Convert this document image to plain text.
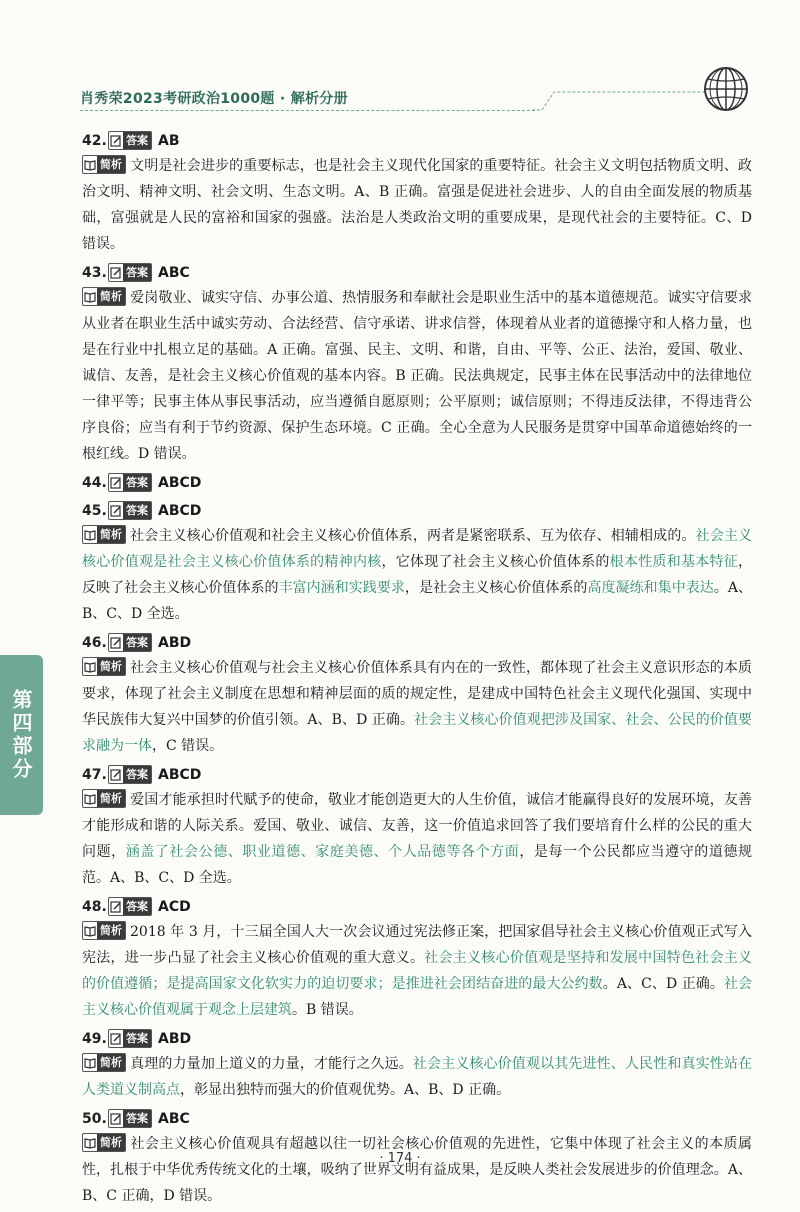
肖秀荣2023考研政治1000题 · 解析分册
第四部分
42. 答案 AB
简析 文明是社会进步的重要标志，也是社会主义现代化国家的重要特征。社会主义文明包括物质文明、政治文明、精神文明、社会文明、生态文明。A、B 正确。富强是促进社会进步、人的自由全面发展的物质基础，富强就是人民的富裕和国家的强盛。法治是人类政治文明的重要成果，是现代社会的主要特征。C、D 错误。
43. 答案 ABC
简析 爱岗敬业、诚实守信、办事公道、热情服务和奉献社会是职业生活中的基本道德规范。诚实守信要求从业者在职业生活中诚实劳动、合法经营、信守承诺、讲求信誉，体现着从业者的道德操守和人格力量，也是在行业中扎根立足的基础。A 正确。富强、民主、文明、和谐，自由、平等、公正、法治，爱国、敬业、诚信、友善，是社会主义核心价值观的基本内容。B 正确。民法典规定，民事主体在民事活动中的法律地位一律平等；民事主体从事民事活动，应当遵循自愿原则；公平原则；诚信原则；不得违反法律，不得违背公序良俗；应当有利于节约资源、保护生态环境。C 正确。全心全意为人民服务是贯穿中国革命道德始终的一根红线。D 错误。
44. 答案 ABCD
45. 答案 ABCD
简析 社会主义核心价值观和社会主义核心价值体系，两者是紧密联系、互为依存、相辅相成的。社会主义核心价值观是社会主义核心价值体系的精神内核，它体现了社会主义核心价值体系的根本性质和基本特征，反映了社会主义核心价值体系的丰富内涵和实践要求，是社会主义核心价值体系的高度凝练和集中表达。A、B、C、D 全选。
46. 答案 ABD
简析 社会主义核心价值观与社会主义核心价值体系具有内在的一致性，都体现了社会主义意识形态的本质要求，体现了社会主义制度在思想和精神层面的质的规定性，是建成中国特色社会主义现代化强国、实现中华民族伟大复兴中国梦的价值引领。A、B、D 正确。社会主义核心价值观把涉及国家、社会、公民的价值要求融为一体，C 错误。
47. 答案 ABCD
简析 爱国才能承担时代赋予的使命，敬业才能创造更大的人生价值，诚信才能赢得良好的发展环境，友善才能形成和谐的人际关系。爱国、敬业、诚信、友善，这一价值追求回答了我们要培育什么样的公民的重大问题，涵盖了社会公德、职业道德、家庭美德、个人品德等各个方面，是每一个公民都应当遵守的道德规范。A、B、C、D 全选。
48. 答案 ACD
简析 2018 年 3 月，十三届全国人大一次会议通过宪法修正案，把国家倡导社会主义核心价值观正式写入宪法，进一步凸显了社会主义核心价值观的重大意义。社会主义核心价值观是坚持和发展中国特色社会主义的价值遵循；是提高国家文化软实力的迫切要求；是推进社会团结奋进的最大公约数。A、C、D 正确。社会主义核心价值观属于观念上层建筑。B 错误。
49. 答案 ABD
简析 真理的力量加上道义的力量，才能行之久远。社会主义核心价值观以其先进性、人民性和真实性站在人类道义制高点，彰显出独特而强大的价值观优势。A、B、D 正确。
50. 答案 ABC
简析 社会主义核心价值观具有超越以往一切社会核心价值观的先进性，它集中体现了社会主义的本质属性，扎根于中华优秀传统文化的土壤，吸纳了世界文明有益成果，是反映人类社会发展进步的价值理念。A、B、C 正确，D 错误。
· 174 ·
